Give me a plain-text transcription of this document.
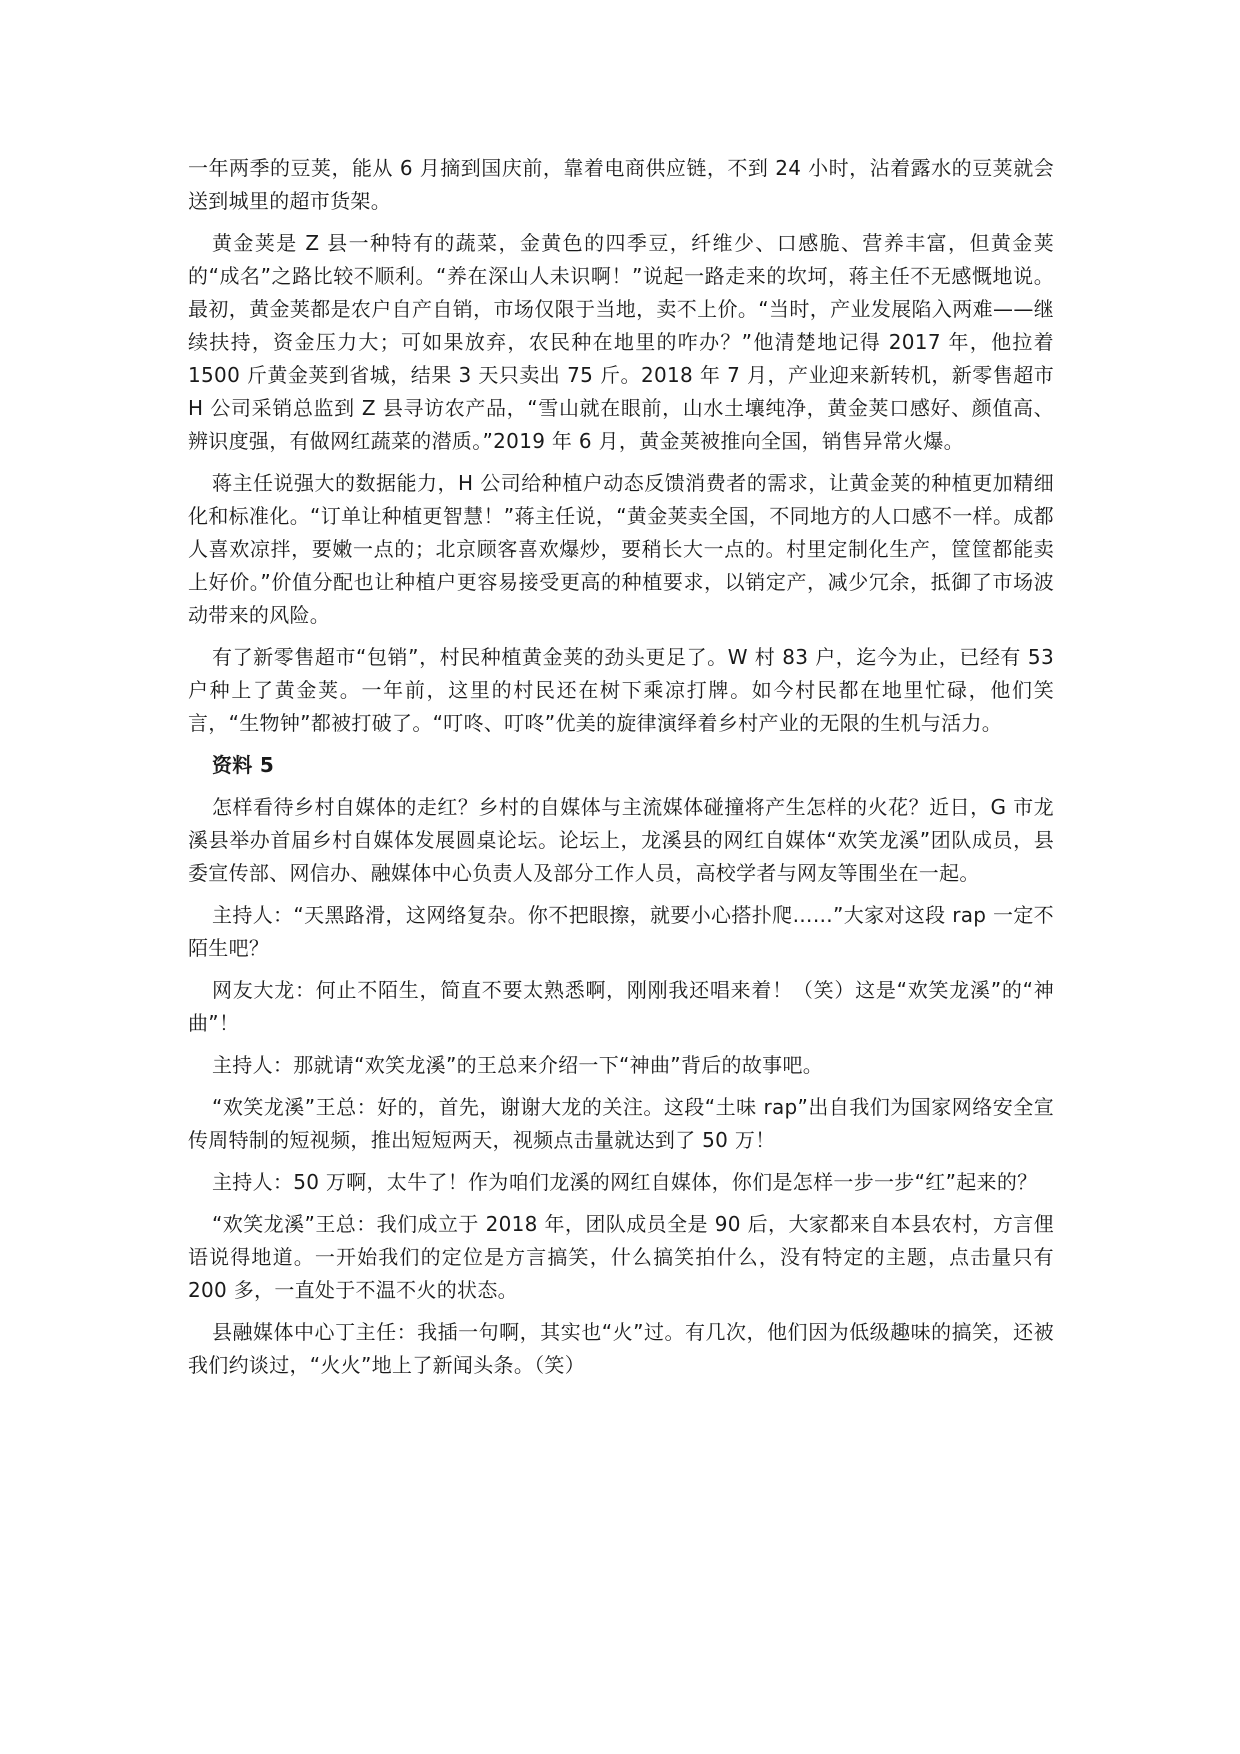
一年两季的豆荚，能从 6 月摘到国庆前，靠着电商供应链，不到 24 小时，沾着露水的豆荚就会送到城里的超市货架。

黄金荚是 Z 县一种特有的蔬菜，金黄色的四季豆，纤维少、口感脆、营养丰富，但黄金荚的“成名”之路比较不顺利。“养在深山人未识啊！”说起一路走来的坎坷，蒋主任不无感慨地说。最初，黄金荚都是农户自产自销，市场仅限于当地，卖不上价。“当时，产业发展陷入两难——继续扶持，资金压力大；可如果放弃，农民种在地里的咋办？”他清楚地记得 2017 年，他拉着 1500 斤黄金荚到省城，结果 3 天只卖出 75 斤。2018 年 7 月，产业迎来新转机，新零售超市 H 公司采销总监到 Z 县寻访农产品，“雪山就在眼前，山水土壤纯净，黄金荚口感好、颜值高、辨识度强，有做网红蔬菜的潜质。”2019 年 6 月，黄金荚被推向全国，销售异常火爆。

蒋主任说强大的数据能力，H 公司给种植户动态反馈消费者的需求，让黄金荚的种植更加精细化和标准化。“订单让种植更智慧！”蒋主任说，“黄金荚卖全国，不同地方的人口感不一样。成都人喜欢凉拌，要嫩一点的；北京顾客喜欢爆炒，要稍长大一点的。村里定制化生产，筐筐都能卖上好价。”价值分配也让种植户更容易接受更高的种植要求，以销定产，减少冗余，抵御了市场波动带来的风险。

有了新零售超市“包销”，村民种植黄金荚的劲头更足了。W 村 83 户，迄今为止，已经有 53 户种上了黄金荚。一年前，这里的村民还在树下乘凉打牌。如今村民都在地里忙碌，他们笑言，“生物钟”都被打破了。“叮咚、叮咚”优美的旋律演绎着乡村产业的无限的生机与活力。

资料 5

怎样看待乡村自媒体的走红？乡村的自媒体与主流媒体碰撞将产生怎样的火花？近日，G 市龙溪县举办首届乡村自媒体发展圆桌论坛。论坛上，龙溪县的网红自媒体“欢笑龙溪”团队成员，县委宣传部、网信办、融媒体中心负责人及部分工作人员，高校学者与网友等围坐在一起。

主持人：“天黑路滑，这网络复杂。你不把眼擦，就要小心搭扑爬……”大家对这段 rap 一定不陌生吧？

网友大龙：何止不陌生，简直不要太熟悉啊，刚刚我还唱来着！（笑）这是“欢笑龙溪”的“神曲”！

主持人：那就请“欢笑龙溪”的王总来介绍一下“神曲”背后的故事吧。

“欢笑龙溪”王总：好的，首先，谢谢大龙的关注。这段“土味 rap”出自我们为国家网络安全宣传周特制的短视频，推出短短两天，视频点击量就达到了 50 万！

主持人：50 万啊，太牛了！作为咱们龙溪的网红自媒体，你们是怎样一步一步“红”起来的？

“欢笑龙溪”王总：我们成立于 2018 年，团队成员全是 90 后，大家都来自本县农村，方言俚语说得地道。一开始我们的定位是方言搞笑，什么搞笑拍什么，没有特定的主题，点击量只有 200 多，一直处于不温不火的状态。

县融媒体中心丁主任：我插一句啊，其实也“火”过。有几次，他们因为低级趣味的搞笑，还被我们约谈过，“火火”地上了新闻头条。（笑）
